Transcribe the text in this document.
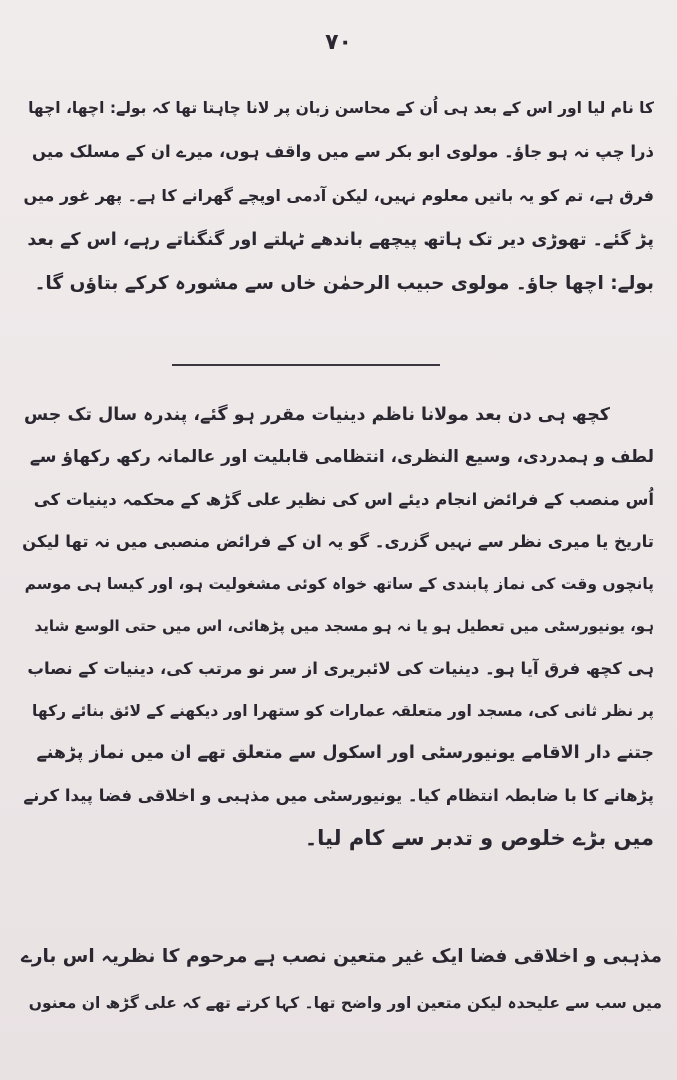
۷۰
کا نام لیا اور اس کے بعد ہی اُن کے محاسن زبان پر لانا چاہتا تھا کہ بولے: اچھا، اچھا
ذرا چپ نہ ہو جاؤ۔ مولوی ابو بکر سے میں واقف ہوں، میرے ان کے مسلک میں
فرق ہے، تم کو یہ باتیں معلوم نہیں، لیکن آدمی اوپچے گھرانے کا ہے۔ پھر غور میں
پڑ گئے۔ تھوڑی دیر تک ہاتھ پیچھے باندھے ٹہلتے اور گنگناتے رہے، اس کے بعد
بولے: اچھا جاؤ۔ مولوی حبیب الرحمٰن خاں سے مشورہ کرکے بتاؤں گا۔
کچھ ہی دن بعد مولانا ناظم دینیات مقرر ہو گئے، پندرہ سال تک جس
لطف و ہمدردی، وسیع النظری، انتظامی قابلیت اور عالمانہ رکھ رکھاؤ سے
اُس منصب کے فرائض انجام دیئے اس کی نظیر علی گڑھ کے محکمہ دینیات کی
تاریخ یا میری نظر سے نہیں گزری۔ گو یہ ان کے فرائض منصبی میں نہ تھا لیکن
پانچوں وقت کی نماز پابندی کے ساتھ خواہ کوئی مشغولیت ہو، اور کیسا ہی موسم
ہو، یونیورسٹی میں تعطیل ہو یا نہ ہو مسجد میں پڑھائی، اس میں حتی الوسع شاید
ہی کچھ فرق آیا ہو۔ دینیات کی لائبریری از سر نو مرتب کی، دینیات کے نصاب
پر نظر ثانی کی، مسجد اور متعلقہ عمارات کو ستھرا اور دیکھنے کے لائق بنائے رکھا
جتنے دار الاقامے یونیورسٹی اور اسکول سے متعلق تھے ان میں نماز پڑھنے
پڑھانے کا با ضابطہ انتظام کیا۔ یونیورسٹی میں مذہبی و اخلاقی فضا پیدا کرنے
میں بڑے خلوص و تدبر سے کام لیا۔
مذہبی و اخلاقی فضا ایک غیر متعین نصب ہے مرحوم کا نظریہ اس بارے
میں سب سے علیحدہ لیکن متعین اور واضح تھا۔ کہا کرتے تھے کہ علی گڑھ ان معنوں
